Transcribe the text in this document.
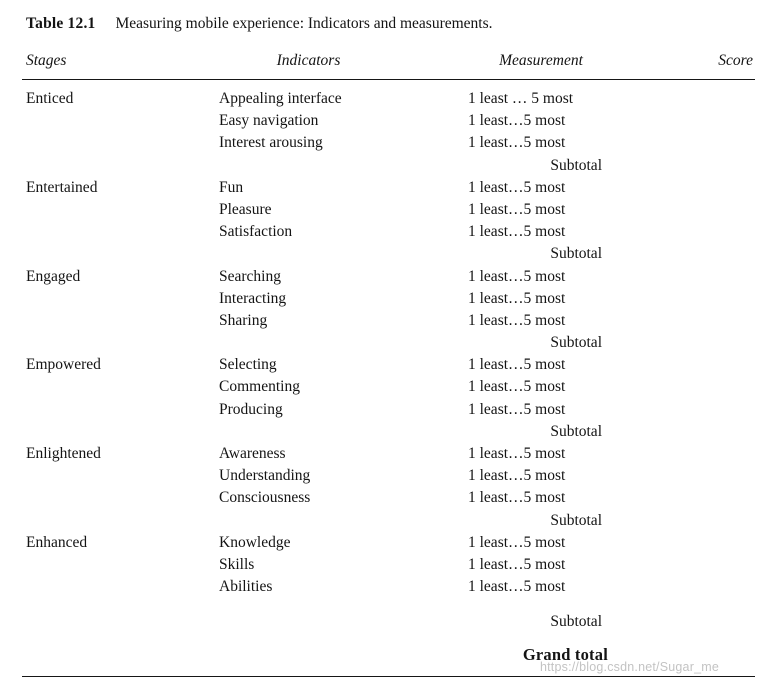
Table 12.1 Measuring mobile experience: Indicators and measurements.
Stages	Indicators	Measurement	Score
Enticed	Appealing interface	1 least … 5 most	
	Easy navigation	1 least…5 most	
	Interest arousing	1 least…5 most	
		Subtotal	
Entertained	Fun	1 least…5 most	
	Pleasure	1 least…5 most	
	Satisfaction	1 least…5 most	
		Subtotal	
Engaged	Searching	1 least…5 most	
	Interacting	1 least…5 most	
	Sharing	1 least…5 most	
		Subtotal	
Empowered	Selecting	1 least…5 most	
	Commenting	1 least…5 most	
	Producing	1 least…5 most	
		Subtotal	
Enlightened	Awareness	1 least…5 most	
	Understanding	1 least…5 most	
	Consciousness	1 least…5 most	
		Subtotal	
Enhanced	Knowledge	1 least…5 most	
	Skills	1 least…5 most	
	Abilities	1 least…5 most	
		Subtotal	
		Grand total	
https://blog.csdn.net/Sugar_me
